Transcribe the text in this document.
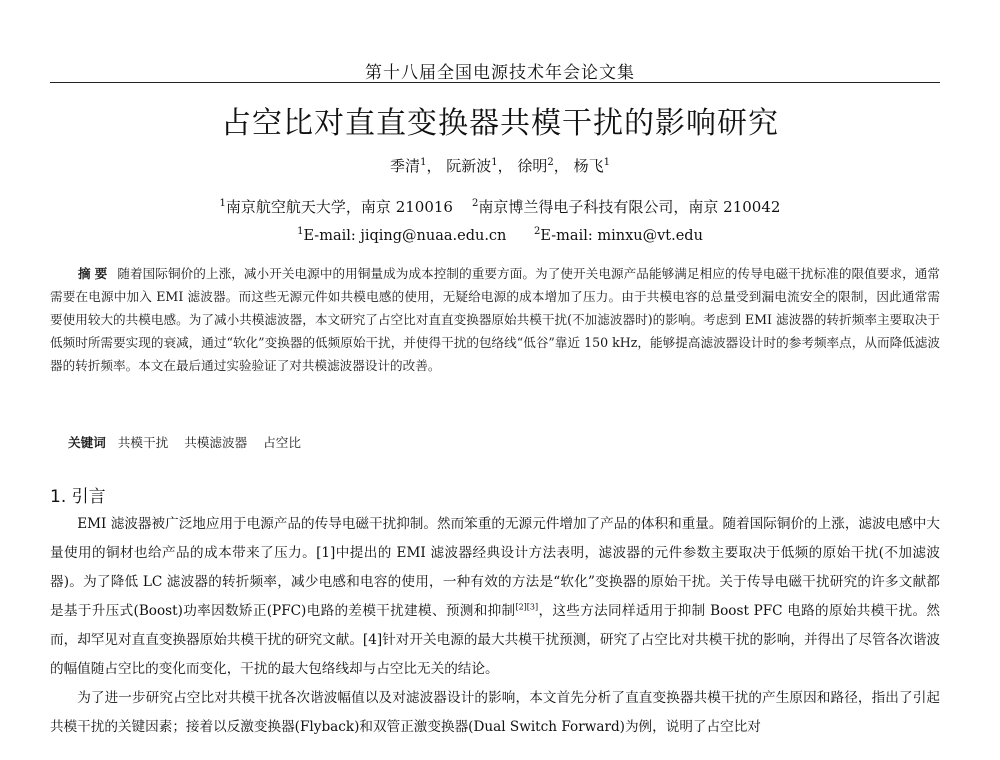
第十八届全国电源技术年会论文集
占空比对直直变换器共模干扰的影响研究
季清$^1$， 阮新波$^1$， 徐明$^2$， 杨飞$^1$
$^1$南京航空航天大学，南京 210016 $^2$南京博兰得电子科技有限公司，南京 210042
$^1$E-mail: jiqing@nuaa.edu.cn	$^2$E-mail: minxu@vt.edu
摘要 随着国际铜价的上涨，减小开关电源中的用铜量成为成本控制的重要方面。为了使开关电源产品能够满足相应的传导电磁干扰标准的限值要求，通常需要在电源中加入 EMI 滤波器。而这些无源元件如共模电感的使用，无疑给电源的成本增加了压力。由于共模电容的总量受到漏电流安全的限制，因此通常需要使用较大的共模电感。为了减小共模滤波器，本文研究了占空比对直直变换器原始共模干扰(不加滤波器时)的影响。考虑到 EMI 滤波器的转折频率主要取决于低频时所需要实现的衰减，通过“软化”变换器的低频原始干扰，并使得干扰的包络线“低谷”靠近 150 kHz，能够提高滤波器设计时的参考频率点，从而降低滤波器的转折频率。本文在最后通过实验验证了对共模滤波器设计的改善。
关键词 共模干扰 共模滤波器 占空比
1. 引言

EMI 滤波器被广泛地应用于电源产品的传导电磁干扰抑制。然而笨重的无源元件增加了产品的体积和重量。随着国际铜价的上涨，滤波电感中大量使用的铜材也给产品的成本带来了压力。[1]中提出的 EMI 滤波器经典设计方法表明，滤波器的元件参数主要取决于低频的原始干扰(不加滤波器)。为了降低 LC 滤波器的转折频率，减少电感和电容的使用，一种有效的方法是“软化”变换器的原始干扰。关于传导电磁干扰研究的许多文献都是基于升压式(Boost)功率因数矫正(PFC)电路的差模干扰建模、预测和抑制[2][3]，这些方法同样适用于抑制 Boost PFC 电路的原始共模干扰。然而，却罕见对直直变换器原始共模干扰的研究文献。[4]针对开关电源的最大共模干扰预测，研究了占空比对共模干扰的影响，并得出了尽管各次谐波的幅值随占空比的变化而变化，干扰的最大包络线却与占空比无关的结论。

为了进一步研究占空比对共模干扰各次谐波幅值以及对滤波器设计的影响，本文首先分析了直直变换器共模干扰的产生原因和路径，指出了引起共模干扰的关键因素；接着以反激变换器(Flyback)和双管正激变换器(Dual Switch Forward)为例，说明了占空比对
